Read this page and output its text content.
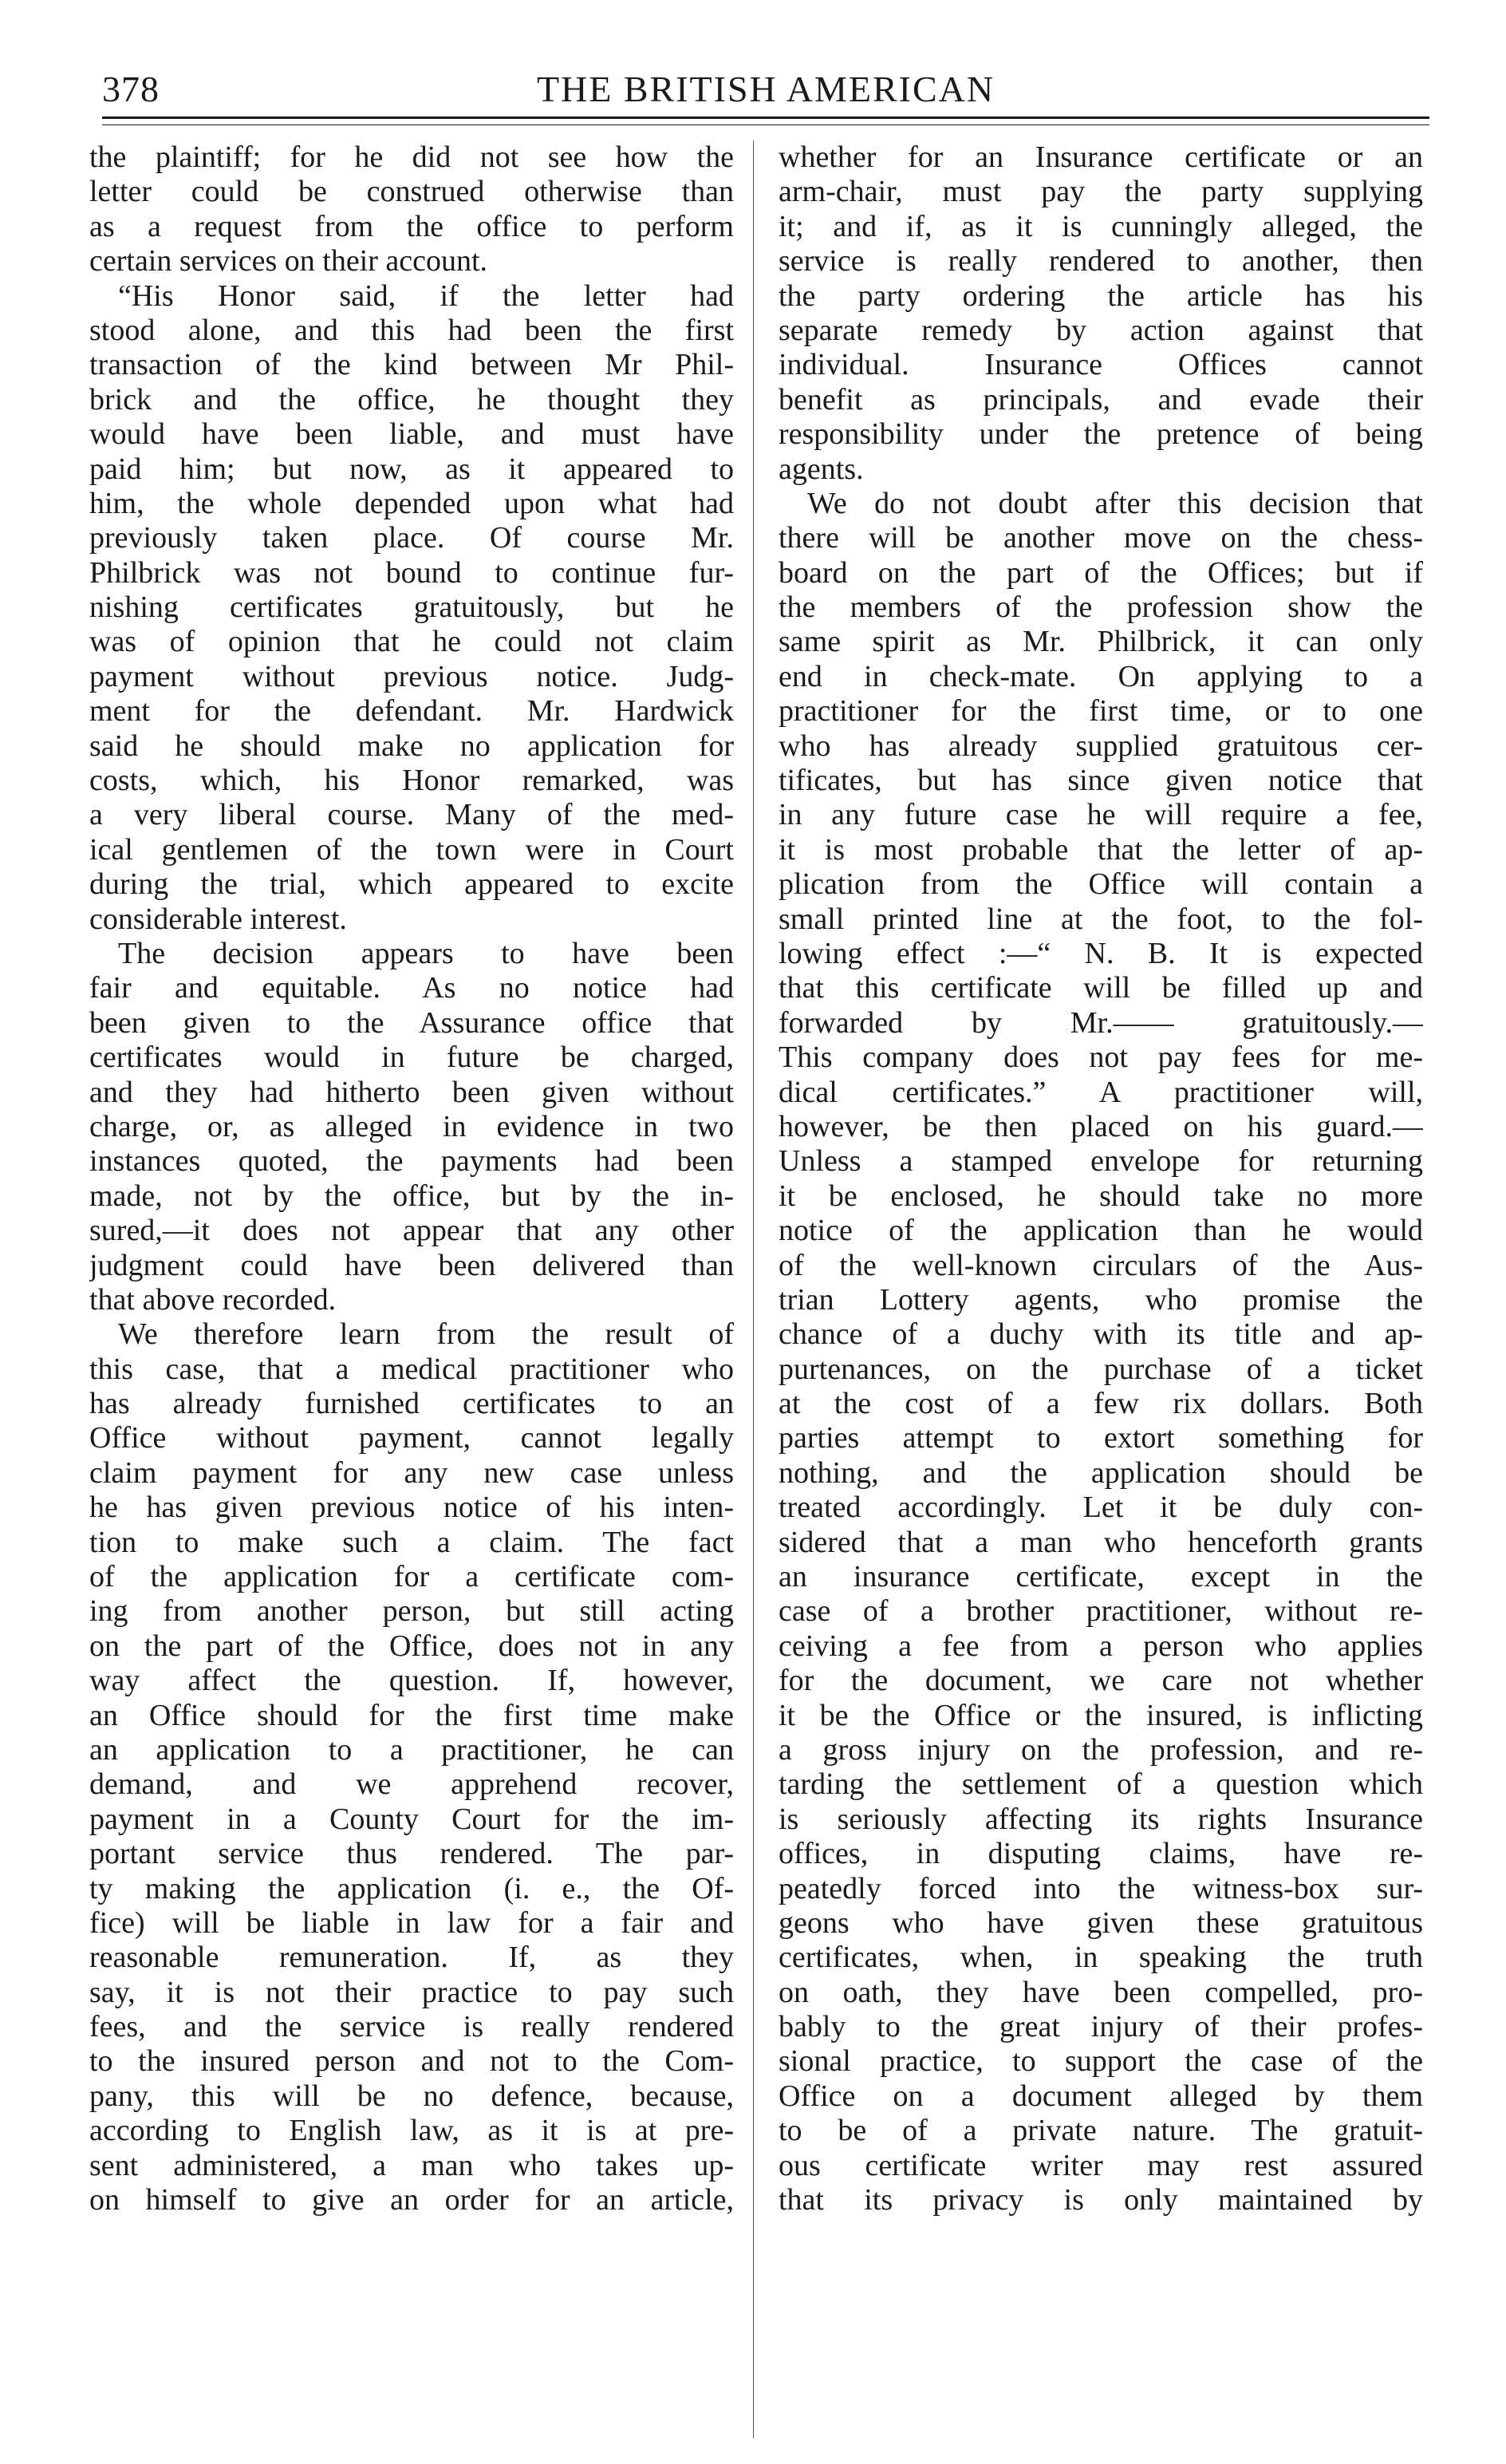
378	THE BRITISH AMERICAN
the plaintiff; for he did not see how the
letter could be construed otherwise than
as a request from the office to perform
certain services on their account.
“His Honor said, if the letter had
stood alone, and this had been the first
transaction of the kind between Mr Phil-
brick and the office, he thought they
would have been liable, and must have
paid him; but now, as it appeared to
him, the whole depended upon what had
previously taken place. Of course Mr.
Philbrick was not bound to continue fur-
nishing certificates gratuitously, but he
was of opinion that he could not claim
payment without previous notice. Judg-
ment for the defendant. Mr. Hardwick
said he should make no application for
costs, which, his Honor remarked, was
a very liberal course. Many of the med-
ical gentlemen of the town were in Court
during the trial, which appeared to excite
considerable interest.
The decision appears to have been
fair and equitable. As no notice had
been given to the Assurance office that
certificates would in future be charged,
and they had hitherto been given without
charge, or, as alleged in evidence in two
instances quoted, the payments had been
made, not by the office, but by the in-
sured,—it does not appear that any other
judgment could have been delivered than
that above recorded.
We therefore learn from the result of
this case, that a medical practitioner who
has already furnished certificates to an
Office without payment, cannot legally
claim payment for any new case unless
he has given previous notice of his inten-
tion to make such a claim. The fact
of the application for a certificate com-
ing from another person, but still acting
on the part of the Office, does not in any
way affect the question. If, however,
an Office should for the first time make
an application to a practitioner, he can
demand, and we apprehend recover,
payment in a County Court for the im-
portant service thus rendered. The par-
ty making the application (i. e., the Of-
fice) will be liable in law for a fair and
reasonable remuneration. If, as they
say, it is not their practice to pay such
fees, and the service is really rendered
to the insured person and not to the Com-
pany, this will be no defence, because,
according to English law, as it is at pre-
sent administered, a man who takes up-
on himself to give an order for an article,
whether for an Insurance certificate or an
arm-chair, must pay the party supplying
it; and if, as it is cunningly alleged, the
service is really rendered to another, then
the party ordering the article has his
separate remedy by action against that
individual. Insurance Offices cannot
benefit as principals, and evade their
responsibility under the pretence of being
agents.
We do not doubt after this decision that
there will be another move on the chess-
board on the part of the Offices; but if
the members of the profession show the
same spirit as Mr. Philbrick, it can only
end in check-mate. On applying to a
practitioner for the first time, or to one
who has already supplied gratuitous cer-
tificates, but has since given notice that
in any future case he will require a fee,
it is most probable that the letter of ap-
plication from the Office will contain a
small printed line at the foot, to the fol-
lowing effect :—“ N. B. It is expected
that this certificate will be filled up and
forwarded by Mr.—— gratuitously.—
This company does not pay fees for me-
dical certificates.” A practitioner will,
however, be then placed on his guard.—
Unless a stamped envelope for returning
it be enclosed, he should take no more
notice of the application than he would
of the well-known circulars of the Aus-
trian Lottery agents, who promise the
chance of a duchy with its title and ap-
purtenances, on the purchase of a ticket
at the cost of a few rix dollars. Both
parties attempt to extort something for
nothing, and the application should be
treated accordingly. Let it be duly con-
sidered that a man who henceforth grants
an insurance certificate, except in the
case of a brother practitioner, without re-
ceiving a fee from a person who applies
for the document, we care not whether
it be the Office or the insured, is inflicting
a gross injury on the profession, and re-
tarding the settlement of a question which
is seriously affecting its rights Insurance
offices, in disputing claims, have re-
peatedly forced into the witness-box sur-
geons who have given these gratuitous
certificates, when, in speaking the truth
on oath, they have been compelled, pro-
bably to the great injury of their profes-
sional practice, to support the case of the
Office on a document alleged by them
to be of a private nature. The gratuit-
ous certificate writer may rest assured
that its privacy is only maintained by
